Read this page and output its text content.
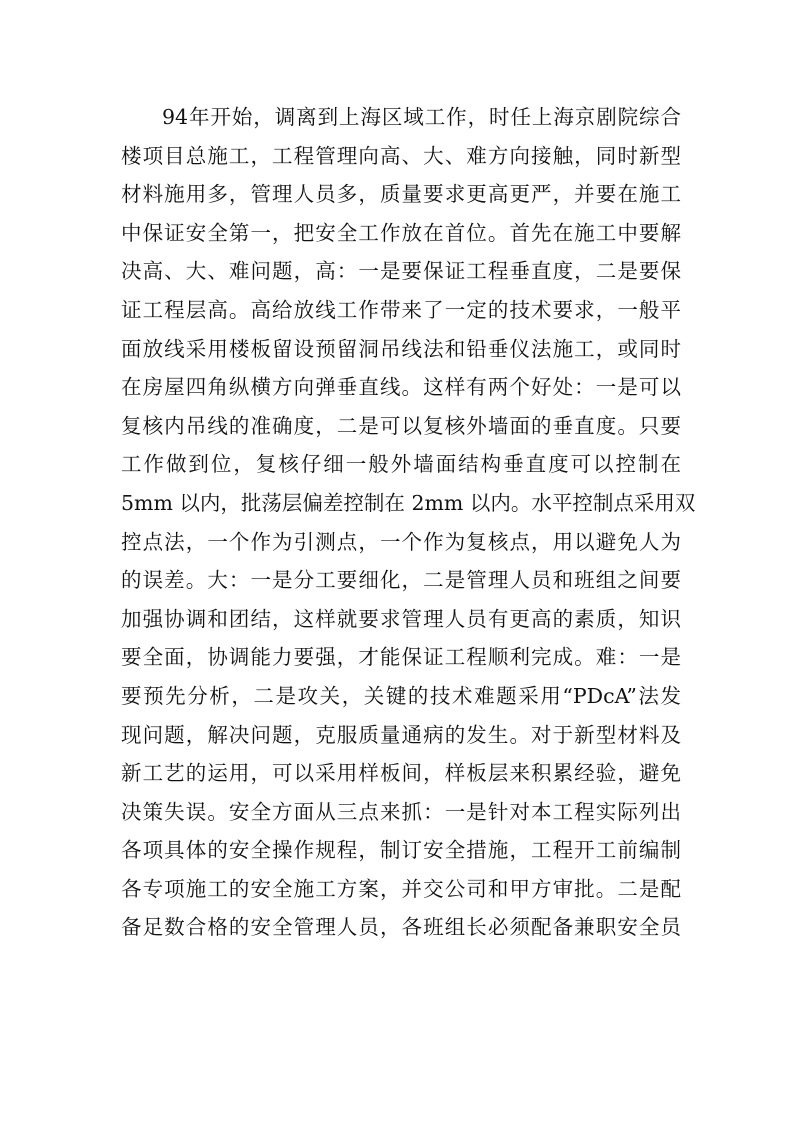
94年开始，调离到上海区域工作，时任上海京剧院综合
楼项目总施工，工程管理向高、大、难方向接触，同时新型
材料施用多，管理人员多，质量要求更高更严，并要在施工
中保证安全第一，把安全工作放在首位。首先在施工中要解
决高、大、难问题，高：一是要保证工程垂直度，二是要保
证工程层高。高给放线工作带来了一定的技术要求，一般平
面放线采用楼板留设预留洞吊线法和铅垂仪法施工，或同时
在房屋四角纵横方向弹垂直线。这样有两个好处：一是可以
复核内吊线的准确度，二是可以复核外墙面的垂直度。只要
工作做到位，复核仔细一般外墙面结构垂直度可以控制在
5mm 以内，批荡层偏差控制在 2mm 以内。水平控制点采用双
控点法，一个作为引测点，一个作为复核点，用以避免人为
的误差。大：一是分工要细化，二是管理人员和班组之间要
加强协调和团结，这样就要求管理人员有更高的素质，知识
要全面，协调能力要强，才能保证工程顺利完成。难：一是
要预先分析，二是攻关，关键的技术难题采用“PDcA”法发
现问题，解决问题，克服质量通病的发生。对于新型材料及
新工艺的运用，可以采用样板间，样板层来积累经验，避免
决策失误。安全方面从三点来抓：一是针对本工程实际列出
各项具体的安全操作规程，制订安全措施，工程开工前编制
各专项施工的安全施工方案，并交公司和甲方审批。二是配
备足数合格的安全管理人员，各班组长必须配备兼职安全员
